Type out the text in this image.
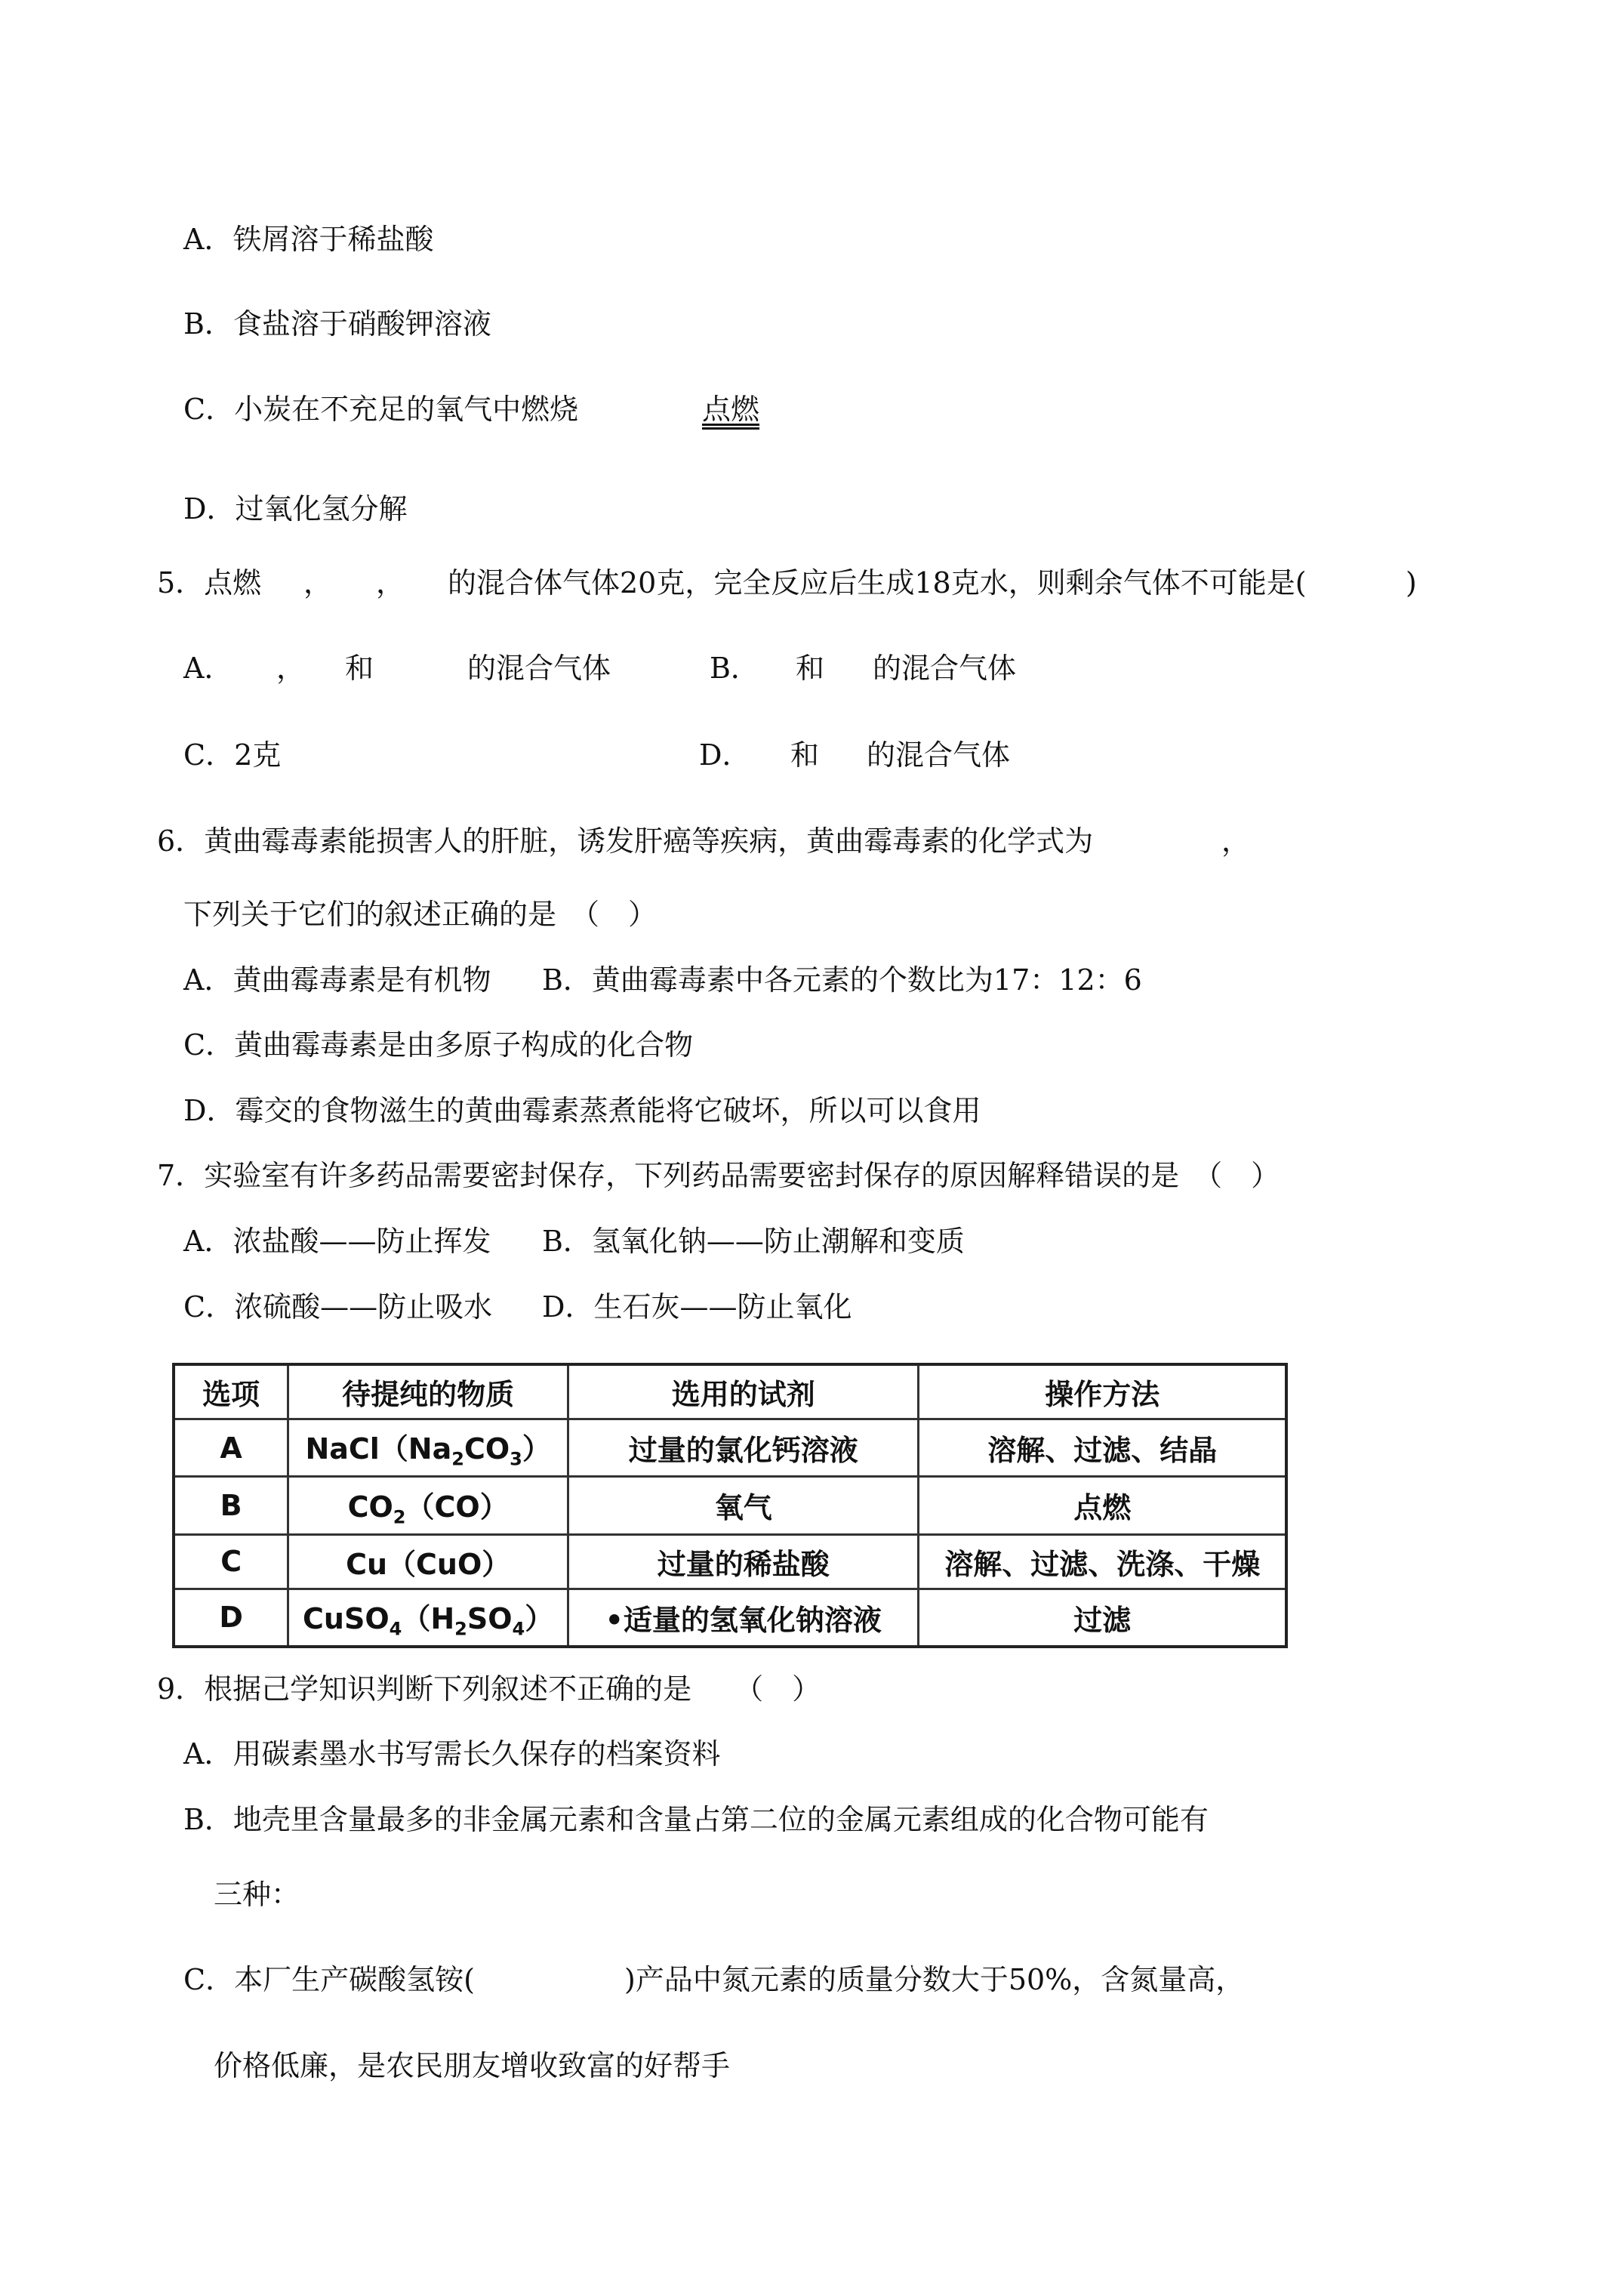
A．铁屑溶于稀盐酸
B．食盐溶于硝酸钾溶液
C．小炭在不充足的氧气中燃烧	点燃
D．过氧化氢分解
5．点燃 ， ， 的混合体气体20克，完全反应后生成18克水，则剩余气体不可能是(	)
A． ， 和	的混合气体	B． 和 的混合气体
C．2克	D． 和 的混合气体
6．黄曲霉毒素能损害人的肝脏，诱发肝癌等疾病，黄曲霉毒素的化学式为	，
下列关于它们的叙述正确的是　（　）
A．黄曲霉毒素是有机物 B．黄曲霉毒素中各元素的个数比为17：12：6
C．黄曲霉毒素是由多原子构成的化合物
D．霉交的食物滋生的黄曲霉素蒸煮能将它破坏，所以可以食用
7．实验室有许多药品需要密封保存，下列药品需要密封保存的原因解释错误的是　（　）
A．浓盐酸——防止挥发 B．氢氧化钠——防止潮解和变质
C．浓硫酸——防止吸水 D．生石灰——防止氧化
选项	待提纯的物质	选用的试剂	操作方法
A	$NaCl(Na_2CO_3)$	过量的氯化钙溶液	溶解、过滤、结晶
B	$CO_2(CO)$	氧气	点燃
C	Cu（CuO）	过量的稀盐酸	溶解、过滤、洗涤、干燥
D	$CuSO_4(H_2SO_4)$	•适量的氢氧化钠溶液	过滤
9．根据己学知识判断下列叙述不正确的是　　（　）
A．用碳素墨水书写需长久保存的档案资料
B．地壳里含量最多的非金属元素和含量占第二位的金属元素组成的化合物可能有
三种：
C．本厂生产碳酸氢铵(	)产品中氮元素的质量分数大于50%，含氮量高，
价格低廉，是农民朋友增收致富的好帮手
